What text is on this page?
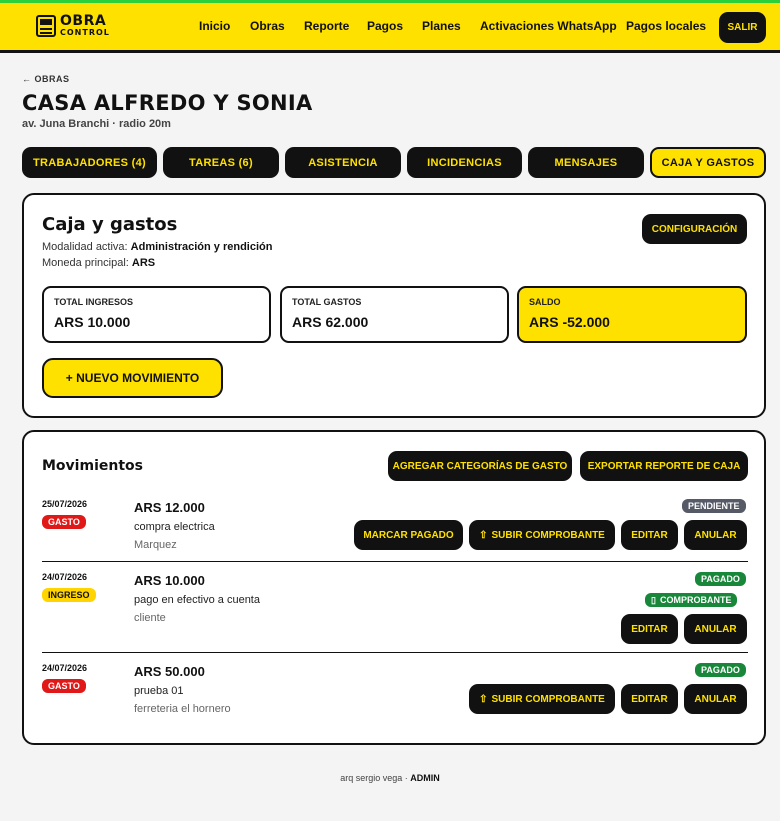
OBRA
CONTROL	Inicio Obras Reporte Pagos Planes Activaciones WhatsApp Pagos locales	SALIR
← OBRAS
CASA ALFREDO Y SONIA
av. Juna Branchi · radio 20m
TRABAJADORES (4)	TAREAS (6)	ASISTENCIA	INCIDENCIAS	MENSAJES	CAJA Y GASTOS
Caja y gastos
Modalidad activa: Administración y rendición
Moneda principal: ARS
CONFIGURACIÓN
TOTAL INGRESOS
ARS 10.000
TOTAL GASTOS
ARS 62.000
SALDO
ARS -52.000
+ NUEVO MOVIMIENTO
Movimientos	AGREGAR CATEGORÍAS DE GASTO	EXPORTAR REPORTE DE CAJA
25/07/2026
GASTO
ARS 12.000
compra electrica
Marquez
PENDIENTE
MARCAR PAGADO	⇧ SUBIR COMPROBANTE	EDITAR	ANULAR
24/07/2026
INGRESO
ARS 10.000
pago en efectivo a cuenta
cliente
PAGADO
▯ COMPROBANTE
EDITAR	ANULAR
24/07/2026
GASTO
ARS 50.000
prueba 01
ferreteria el hornero
PAGADO
⇧ SUBIR COMPROBANTE	EDITAR	ANULAR
arq sergio vega · ADMIN
